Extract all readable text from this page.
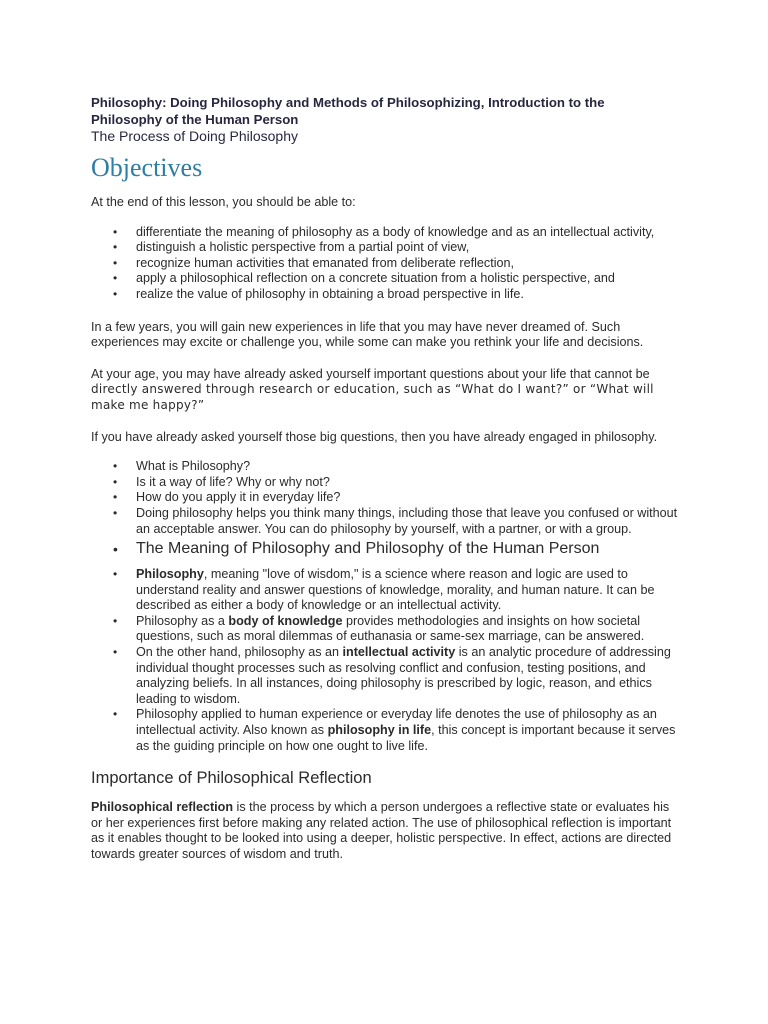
Philosophy: Doing Philosophy and Methods of Philosophizing, Introduction to the Philosophy of the Human Person

The Process of Doing Philosophy

Objectives

At the end of this lesson, you should be able to:

• differentiate the meaning of philosophy as a body of knowledge and as an intellectual activity,
• distinguish a holistic perspective from a partial point of view,
• recognize human activities that emanated from deliberate reflection,
• apply a philosophical reflection on a concrete situation from a holistic perspective, and
• realize the value of philosophy in obtaining a broad perspective in life.

In a few years, you will gain new experiences in life that you may have never dreamed of. Such experiences may excite or challenge you, while some can make you rethink your life and decisions.

At your age, you may have already asked yourself important questions about your life that cannot be directly answered through research or education, such as “What do I want?” or “What will make me happy?”

If you have already asked yourself those big questions, then you have already engaged in philosophy.

• What is Philosophy?
• Is it a way of life? Why or why not?
• How do you apply it in everyday life?
• Doing philosophy helps you think many things, including those that leave you confused or without an acceptable answer. You can do philosophy by yourself, with a partner, or with a group.
• The Meaning of Philosophy and Philosophy of the Human Person
• Philosophy, meaning "love of wisdom," is a science where reason and logic are used to understand reality and answer questions of knowledge, morality, and human nature. It can be described as either a body of knowledge or an intellectual activity.
• Philosophy as a body of knowledge provides methodologies and insights on how societal questions, such as moral dilemmas of euthanasia or same-sex marriage, can be answered.
• On the other hand, philosophy as an intellectual activity is an analytic procedure of addressing individual thought processes such as resolving conflict and confusion, testing positions, and analyzing beliefs. In all instances, doing philosophy is prescribed by logic, reason, and ethics leading to wisdom.
• Philosophy applied to human experience or everyday life denotes the use of philosophy as an intellectual activity. Also known as philosophy in life, this concept is important because it serves as the guiding principle on how one ought to live life.
Importance of Philosophical Reflection

Philosophical reflection is the process by which a person undergoes a reflective state or evaluates his or her experiences first before making any related action. The use of philosophical reflection is important as it enables thought to be looked into using a deeper, holistic perspective. In effect, actions are directed towards greater sources of wisdom and truth.
